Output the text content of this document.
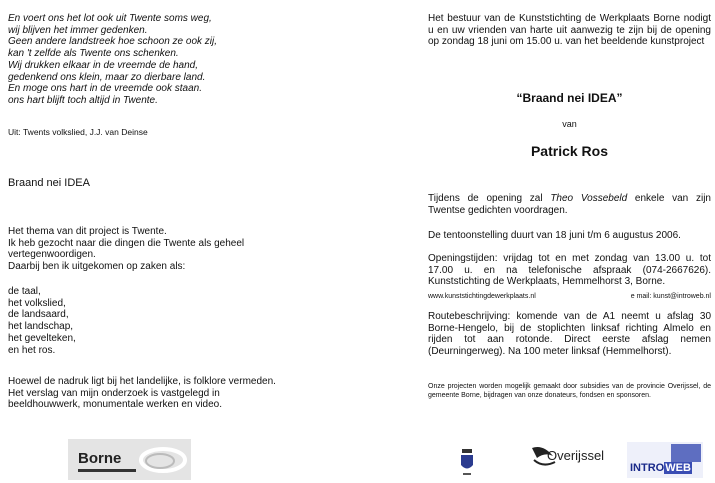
En voert ons het lot ook uit Twente soms weg,
wij blijven het immer gedenken.
Geen andere landstreek hoe schoon ze ook zij,
kan 't zelfde als Twente ons schenken.
Wij drukken elkaar in de vreemde de hand,
gedenkend ons klein, maar zo dierbare land.
En moge ons hart in de vreemde ook staan.
ons hart blijft toch altijd in Twente.
Uit: Twents volkslied, J.J. van Deinse
Braand nei IDEA
Het thema van dit project is Twente.
Ik heb gezocht naar die dingen die Twente als geheel
vertegenwoordigen.
Daarbij ben ik uitgekomen op zaken als:
de taal,
het volkslied,
de landsaard,
het landschap,
het gevelteken,
en het ros.
Hoewel de nadruk ligt bij het landelijke, is folklore vermeden.
Het verslag van mijn onderzoek is vastgelegd in
beeldhouwwerk, monumentale werken en video.
Borne
Het bestuur van de Kunststichting de Werkplaats Borne nodigt u en uw vrienden van harte uit aanwezig te zijn bij de opening op zondag 18 juni om 15.00 u. van het beeldende kunstproject
“Braand nei IDEA”
van
Patrick Ros
Tijdens de opening zal Theo Vossebeld enkele van zijn Twentse gedichten voordragen.
De tentoonstelling duurt van 18 juni t/m 6 augustus 2006.
Openingstijden: vrijdag tot en met zondag van 13.00 u. tot 17.00 u. en na telefonische afspraak (074-2667626). Kunststichting de Werkplaats, Hemmelhorst 3, Borne.
www.kunststichtingdewerkplaats.nl	e mail: kunst@introweb.nl
Routebeschrijving: komende van de A1 neemt u afslag 30 Borne-Hengelo, bij de stoplichten linksaf richting Almelo en rijden tot aan rotonde. Direct eerste afslag nemen (Deurningerweg). Na 100 meter linksaf (Hemmelhorst).
Onze projecten worden mogelijk gemaakt door subsidies van de provincie Overijssel, de gemeente Borne, bijdragen van onze donateurs, fondsen en sponsoren.
Overijssel
INTROWEB
